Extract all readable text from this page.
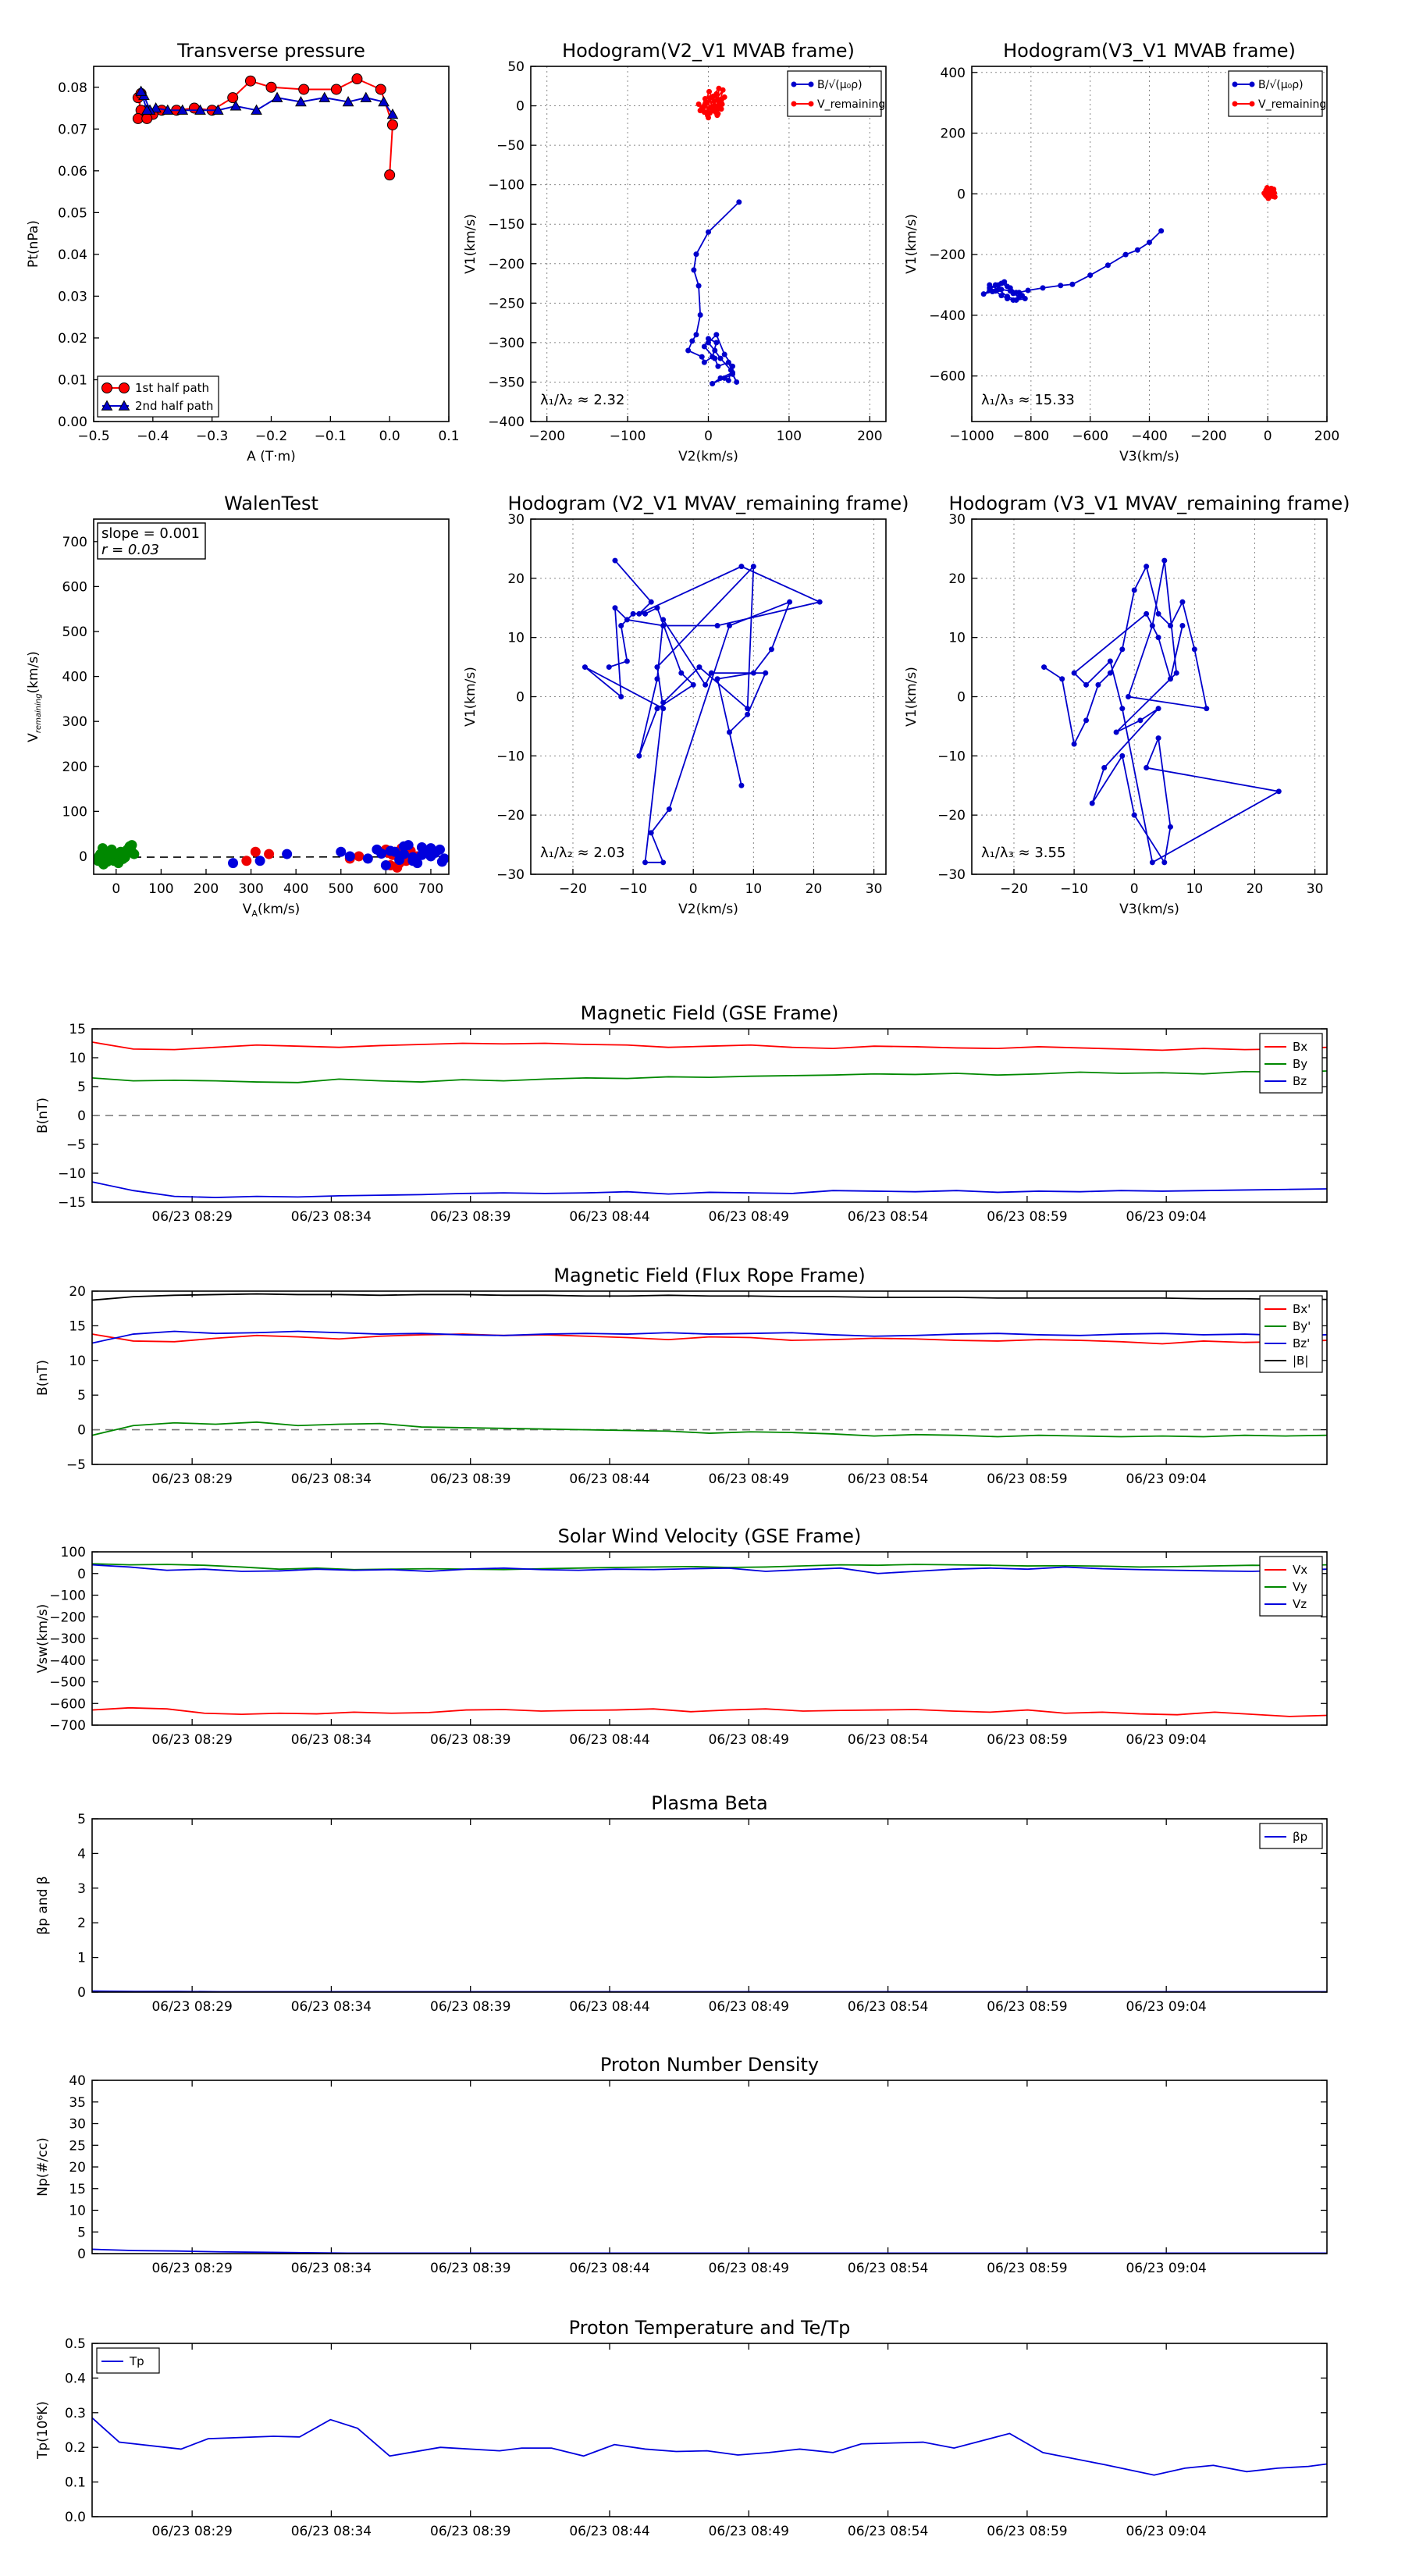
Transverse pressure
−0.5 −0.4 −0.3 −0.2 −0.1 0.0	0.1
0.00
0.01
0.02
0.03
0.04
0.05
0.06
0.07
0.08
A (T·m)
Pt(nPa)
1st half path
2nd half path
Hodogram(V2_V1 MVAB frame)
−200	−100	0	100	200
−400
−350
−300
−250
−200
−150
−100
−50
0
50
V2(km/s)
V1(km/s)
λ₁/λ₂ ≈ 2.32
B/√(μ₀ρ)
V_remaining
Hodogram(V3_V1 MVAB frame)
−1000 −800 −600 −400 −200	0	200
−600
−400
−200
0
200
400
V3(km/s)
V1(km/s)
λ₁/λ₃ ≈ 15.33
B/√(μ₀ρ)
V_remaining
WalenTest
0 100 200 300 400 500 600 700
0
100
200
300
400
500
600
700
$V_A(km/s)$
$V_{remaining}(km/s)$
slope = 0.001
r = 0.03
Hodogram (V2_V1 MVAV_remaining frame)
−20 −10	0	10	20	30
−30
−20
−10
0
10
20
30
V2(km/s)
V1(km/s)
λ₁/λ₂ ≈ 2.03
Hodogram (V3_V1 MVAV_remaining frame)
−20 −10	0	10	20	30
−30
−20
−10
0
10
20
30
V3(km/s)
V1(km/s)
λ₁/λ₃ ≈ 3.55
Magnetic Field (GSE Frame)
−15
−10
−5
0
5
10
15
06/23 08:29	06/23 08:34	06/23 08:39	06/23 08:44	06/23 08:49	06/23 08:54	06/23 08:59	06/23 09:04
B(nT)
Bx
By
Bz
Magnetic Field (Flux Rope Frame)
−5
0
5
10
15
20
06/23 08:29	06/23 08:34	06/23 08:39	06/23 08:44	06/23 08:49	06/23 08:54	06/23 08:59	06/23 09:04
B(nT)
Bx'
By'
Bz'
|B|
Solar Wind Velocity (GSE Frame)
−700
−600
−500
−400
−300
−200
−100
0
100
06/23 08:29	06/23 08:34	06/23 08:39	06/23 08:44	06/23 08:49	06/23 08:54	06/23 08:59	06/23 09:04
Vsw(km/s)
Vx
Vy
Vz
Plasma Beta
0
1
2
3
4
5
06/23 08:29	06/23 08:34	06/23 08:39	06/23 08:44	06/23 08:49	06/23 08:54	06/23 08:59	06/23 09:04
βp and β
βp
Proton Number Density
0
5
10
15
20
25
30
35
40
06/23 08:29	06/23 08:34	06/23 08:39	06/23 08:44	06/23 08:49	06/23 08:54	06/23 08:59	06/23 09:04
Np(#/cc)
Proton Temperature and Te/Tp
0.0
0.1
0.2
0.3
0.4
0.5
06/23 08:29	06/23 08:34	06/23 08:39	06/23 08:44	06/23 08:49	06/23 08:54	06/23 08:59	06/23 09:04
Tp(10⁶K)
Tp
